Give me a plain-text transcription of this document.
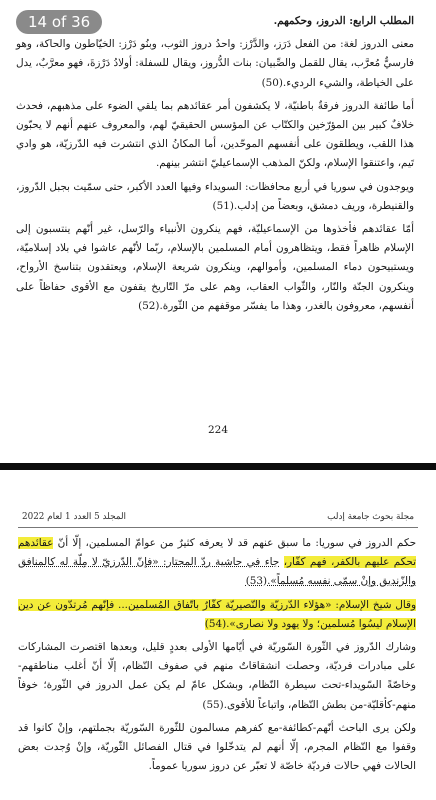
المطلب الرابع: الدروز، وحكمهم.

معنى الدروز لغة: من الفعل دَرَز، والدَّرْز: واحدُ دروز الثوب، وبنُو دَرْز: الخيّاطون والحاكة، وهو فارسيٌّ مُعرَّب، يقال للقمل والصِّبيان: بنات الدُّروز، ويقال للسفلة: أولادُ دَرْزةَ، فهو معرَّبٌ، يدل على الخياطة، والشيء الرديء.(50)

أما طائفة الدروز فرقةٌ باطنيّة، لا يكشفون أمر عقائدهم بما يلقي الضوء على مذهبهم، فحدث خلافٌ كبير بين المؤرّخين والكتّاب عن المؤسس الحقيقيّ لهم، والمعروف عنهم أنهم لا يحبّون هذا اللقب، ويطلقون على أنفسهم الموحّدين، أما المكانُ الذي انتشرت فيه الدّرزيّة، هو وادي تَيم، واعتنقوا الإسلام، ولكنّ المذهب الإسماعيليّ انتشر بينهم.

ويوجدون في سوريا في أربع محافظات: السويداء وفيها العدد الأكبر، حتى سمّيت بجبل الدّروز، والقنيطرة، وريف دمشق، وبعضاً من إدلب.(51)

أمّا عقائدهم فأخذوها من الإسماعيليّة، فهم ينكرون الأنبياء والرّسل، غير أنّهم ينتسبون إلى الإسلام ظاهراً فقط، ويتظاهرون أمام المسلمين بالإسلام، ربّما لأنّهم عاشوا في بلاد إسلاميّة، ويستبيحون دماء المسلمين، وأموالهم، وينكرون شريعة الإسلام، ويعتقدون بتناسخ الأرواح، وينكرون الجنّة والنّار، والثّواب العقاب، وهم على مرّ التّاريخ يقفون مع الأقوى حفاظاً على أنفسهم، معروفون بالغدر، وهذا ما يفسّر موقفهم من الثّورة.(52)

224
14 of 36
المجلد 5 العدد 1 لعام 2022	مجلة بحوث جامعة إدلب

حكم الدروز في سوريا: ما سبق عنهم قد لا يعرفه كثيرٌ من عوامّ المسلمين، إلّا أنّ عقائدهم تحكم عليهم بالكفر، فهم كفّار، جاء في حاشية ردّ المحتار: «فإنّ الدّرزيّ لا مِلّة له كالمنافق والزّنديق وإنْ سمّى نفسه مُسلماً».(53)

وقال شيخ الإسلام: «هؤلاء الدّرزيّة والنّصيريّة كفّارٌ باتّفاق المُسلمين... فإنّهم مُرتدّون عن دين الإسلام ليسُوا مُسلمين؛ ولا يهود ولا نصارى».(54)

وشارك الدّروز في الثّورة السّوريّة في أيّامها الأولى بعددٍ قليل، وبعدها اقتصرت المشاركات على مبادرات فرديّة، وحصلت انشقاقاتٌ منهم في صفوف النّظام، إلّا أنّ أغلب مناطقهم-وخاصّةً السّويداء-تحت سيطرة النّظام، وبشكل عامّ لم يكن عمل الدروز في الثّورة؛ خوفاً منهم-كأقليّة-من بطش النّظام، واتباعاً للأقوى.(55)

ولكن يرى الباحث أنّهم-كطائفة-مع كفرهم مسالمون للثّورة السّوريّة بجملتهم، وإنْ كانوا قد وقفوا مع النّظام المجرم، إلّا أنهم لم يتدخّلوا في قتال الفصائل الثّوريّة، وإنْ وُجدت بعض الحالات فهي حالات فرديّة خاصّة لا تعبّر عن دروز سوريا عموماً.
